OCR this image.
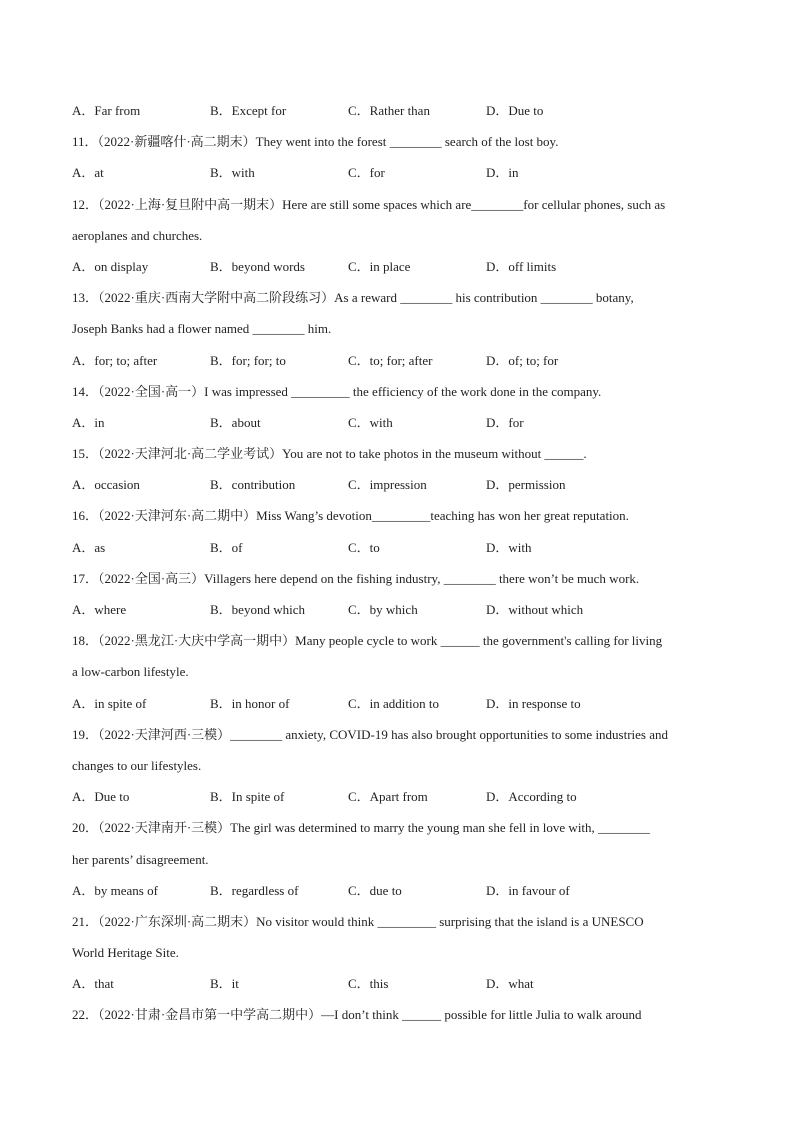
A．Far from	B．Except for	C．Rather than	D．Due to
11．（2022·新疆喀什·高二期末）They went into the forest ________ search of the lost boy.
A．at	B．with	C．for	D．in
12．（2022·上海·复旦附中高一期末）Here are still some spaces which are________for cellular phones, such as
aeroplanes and churches.
A．on display	B．beyond words	C．in place	D．off limits
13．（2022·重庆·西南大学附中高二阶段练习）As a reward ________ his contribution ________ botany,
Joseph Banks had a flower named ________ him.
A．for; to; after	B．for; for; to	C．to; for; after	D．of; to; for
14．（2022·全国·高一）I was impressed _________ the efficiency of the work done in the company.
A．in	B．about	C．with	D．for
15．（2022·天津河北·高二学业考试）You are not to take photos in the museum without ______.
A．occasion	B．contribution	C．impression	D．permission
16．（2022·天津河东·高二期中）Miss Wang’s devotion_________teaching has won her great reputation.
A．as	B．of	C．to	D．with
17．（2022·全国·高三）Villagers here depend on the fishing industry, ________ there won’t be much work.
A．where	B．beyond which	C．by which	D．without which
18．（2022·黑龙江·大庆中学高一期中）Many people cycle to work ______ the government's calling for living
a low-carbon lifestyle.
A．in spite of	B．in honor of	C．in addition to	D．in response to
19．（2022·天津河西·三模）________ anxiety, COVID-19 has also brought opportunities to some industries and
changes to our lifestyles.
A．Due to	B．In spite of	C．Apart from	D．According to
20．（2022·天津南开·三模）The girl was determined to marry the young man she fell in love with, ________
her parents’ disagreement.
A．by means of	B．regardless of	C．due to	D．in favour of
21．（2022·广东深圳·高二期末）No visitor would think _________ surprising that the island is a UNESCO
World Heritage Site.
A．that	B．it	C．this	D．what
22．（2022·甘肃·金昌市第一中学高二期中）—I don’t think ______ possible for little Julia to walk around
